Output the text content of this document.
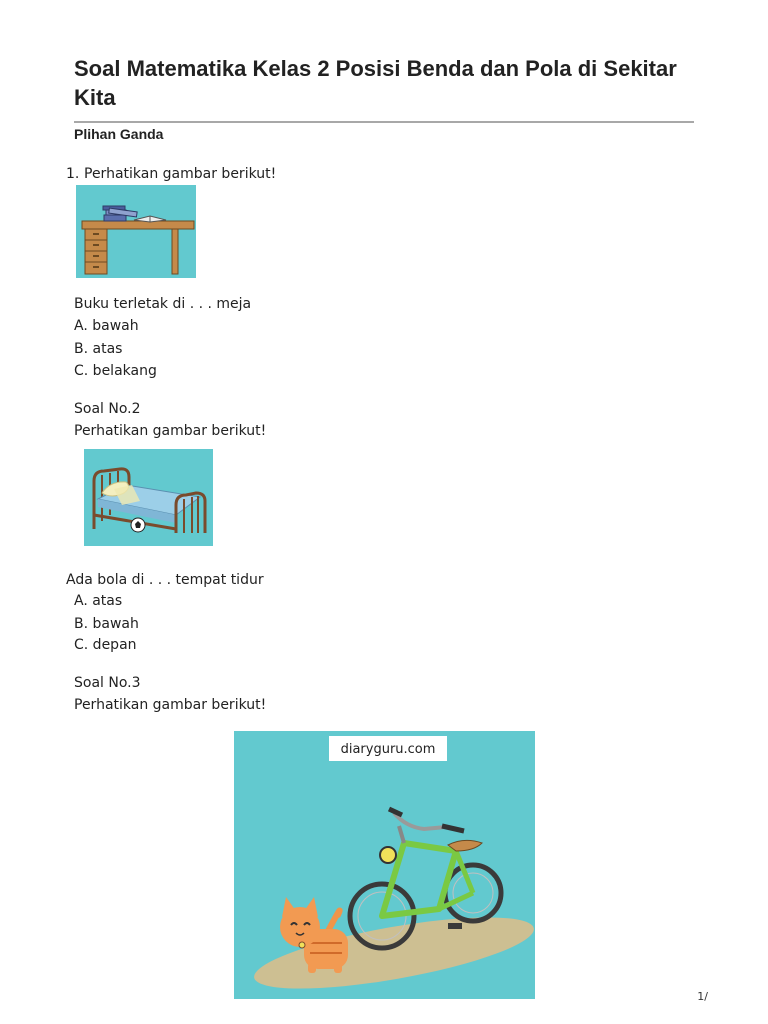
Soal Matematika Kelas 2 Posisi Benda dan Pola di Sekitar Kita
Plihan Ganda
1. Perhatikan gambar berikut!
Buku terletak di . . . meja
A. bawah
B. atas
C. belakang
Soal No.2
Perhatikan gambar berikut!
Ada bola di . . . tempat tidur
A. atas
B. bawah
C. depan
Soal No.3
Perhatikan gambar berikut!
diaryguru.com
1/
